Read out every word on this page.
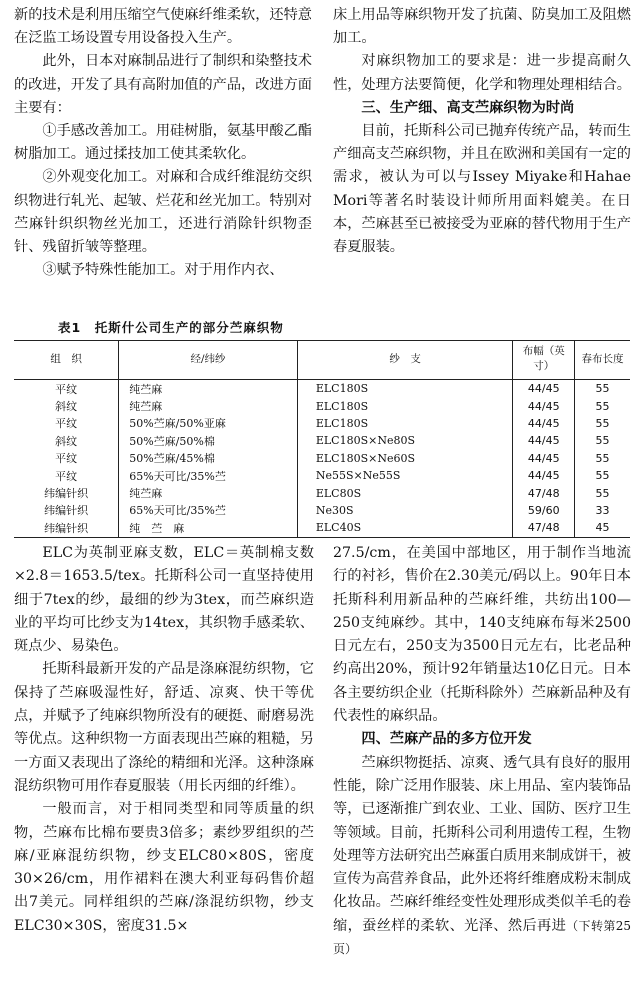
新的技术是利用压缩空气使麻纤维柔软，还特意在泛监工场设置专用设备投入生产。

此外，日本对麻制品进行了制织和染整技术的改进，开发了具有高附加值的产品，改进方面主要有：

①手感改善加工。用硅树脂，氨基甲酸乙酯树脂加工。通过揉技加工使其柔软化。

②外观变化加工。对麻和合成纤维混纺交织织物进行轧光、起皱、烂花和丝光加工。特别对苎麻针织织物丝光加工，还进行消除针织物歪针、残留折皱等整理。

③赋予特殊性能加工。对于用作内衣、

床上用品等麻织物开发了抗菌、防臭加工及阻燃加工。

对麻织物加工的要求是：进一步提高耐久性，处理方法要简便，化学和物理处理相结合。

三、生产细、高支苎麻织物为时尚

目前，托斯科公司已抛弃传统产品，转而生产细高支苎麻织物，并且在欧洲和美国有一定的需求，被认为可以与Issey Miyake和Hahae Mori等著名时装设计师所用面料媲美。在日本，苎麻甚至已被接受为亚麻的替代物用于生产春夏服装。

表1　托斯什公司生产的部分苎麻织物
组　织	经/纬纱	纱　支	布幅（英寸）	春布长度
平纹	纯苎麻	ELC180S	44/45	55
斜纹	纯苎麻	ELC180S	44/45	55
平纹	50%苎麻/50%亚麻	ELC180S	44/45	55
斜纹	50%苎麻/50%棉	ELC180S×Ne80S	44/45	55
平纹	50%苎麻/45%棉	ELC180S×Ne60S	44/45	55
平纹	65%天可比/35%苎	Ne55S×Ne55S	44/45	55
纬编针织	纯苎麻	ELC80S	47/48	55
纬编针织	65%天可比/35%苎	Ne30S	59/60	33
纬编针织	纯　苎　麻	ELC40S	47/48	45

ELC为英制亚麻支数，ELC＝英制棉支数×2.8＝1653.5/tex。托斯科公司一直坚持使用细于7tex的纱，最细的纱为3tex，而苎麻织造业的平均可比纱支为14tex，其织物手感柔软、斑点少、易染色。

托斯科最新开发的产品是涤麻混纺织物，它保持了苎麻吸湿性好，舒适、凉爽、快干等优点，并赋予了纯麻织物所没有的硬挺、耐磨易洗等优点。这种织物一方面表现出苎麻的粗糙，另一方面又表现出了涤纶的精细和光泽。这种涤麻混纺织物可用作春夏服装（用长丙细的纤维）。

一般而言，对于相同类型和同等质量的织物，苎麻布比棉布要贵3倍多；素纱罗组织的苎麻/亚麻混纺织物，纱支ELC80×80S，密度30×26/cm，用作裙料在澳大利亚每码售价超出7美元。同样组织的苎麻/涤混纺织物，纱支ELC30×30S，密度31.5×

27.5/cm，在美国中部地区，用于制作当地流行的衬衫，售价在2.30美元/码以上。90年日本托斯科利用新品种的苎麻纤维，共纺出100—250支纯麻纱。其中，140支纯麻布每米2500日元左右，250支为3500日元左右，比老品种约高出20%，预计92年销量达10亿日元。日本各主要纺织企业（托斯科除外）苎麻新品种及有代表性的麻织品。

四、苎麻产品的多方位开发

苎麻织物挺括、凉爽、透气具有良好的服用性能，除广泛用作服装、床上用品、室内装饰品等，已逐渐推广到农业、工业、国防、医疗卫生等领域。目前，托斯科公司利用遗传工程，生物处理等方法研究出苎麻蛋白质用来制成饼干，被宣传为高营养食品，此外还将纤维磨成粉末制成化妆品。苎麻纤维经变性处理形成类似羊毛的卷缩，蚕丝样的柔软、光泽、然后再进（下转第25页）
